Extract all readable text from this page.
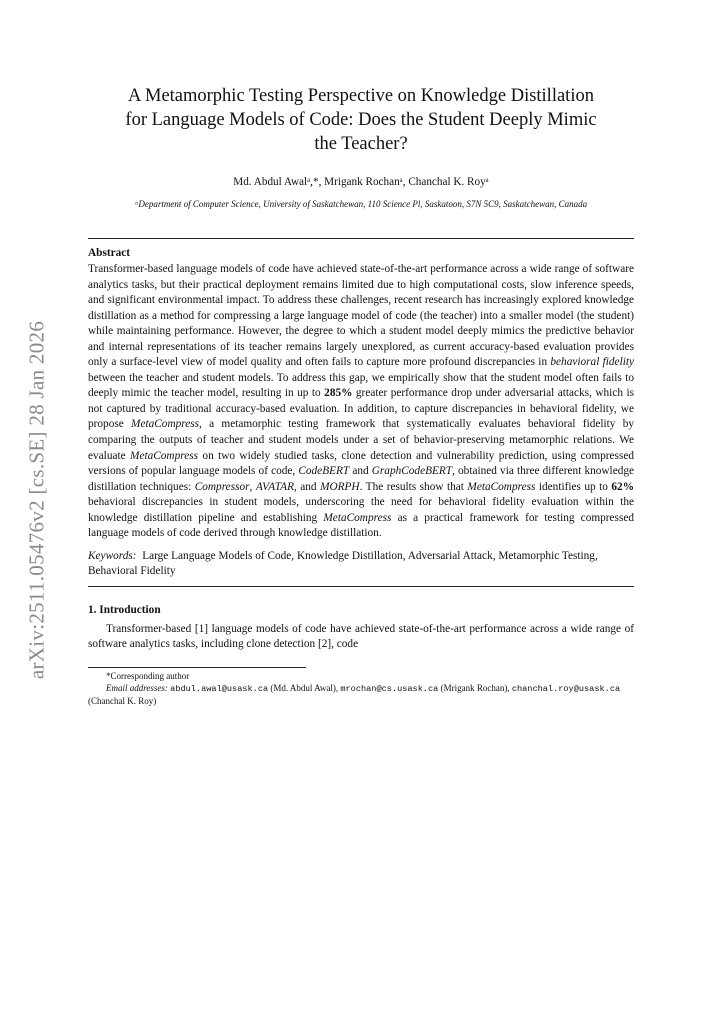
arXiv:2511.05476v2 [cs.SE] 28 Jan 2026
A Metamorphic Testing Perspective on Knowledge Distillation
for Language Models of Code: Does the Student Deeply Mimic
the Teacher?
Md. Abdul Awalᵃ,*, Mrigank Rochanᵃ, Chanchal K. Royᵃ
ᵃDepartment of Computer Science, University of Saskatchewan, 110 Science Pl, Saskatoon, S7N 5C9, Saskatchewan, Canada
Abstract
Transformer-based language models of code have achieved state-of-the-art performance across a wide range of software analytics tasks, but their practical deployment remains limited due to high computational costs, slow inference speeds, and significant environmental impact. To address these challenges, recent research has increasingly explored knowledge distillation as a method for compressing a large language model of code (the teacher) into a smaller model (the student) while maintaining performance. However, the degree to which a student model deeply mimics the predictive behavior and internal representations of its teacher remains largely unexplored, as current accuracy-based evaluation provides only a surface-level view of model quality and often fails to capture more profound discrepancies in behavioral fidelity between the teacher and student models. To address this gap, we empirically show that the student model often fails to deeply mimic the teacher model, resulting in up to 285% greater performance drop under adversarial attacks, which is not captured by traditional accuracy-based evaluation. In addition, to capture discrepancies in behavioral fidelity, we propose MetaCompress, a metamorphic testing framework that systematically evaluates behavioral fidelity by comparing the outputs of teacher and student models under a set of behavior-preserving metamorphic relations. We evaluate MetaCompress on two widely studied tasks, clone detection and vulnerability prediction, using compressed versions of popular language models of code, CodeBERT and GraphCodeBERT, obtained via three different knowledge distillation techniques: Compressor, AVATAR, and MORPH. The results show that MetaCompress identifies up to 62% behavioral discrepancies in student models, underscoring the need for behavioral fidelity evaluation within the knowledge distillation pipeline and establishing MetaCompress as a practical framework for testing compressed language models of code derived through knowledge distillation.
Keywords: Large Language Models of Code, Knowledge Distillation, Adversarial Attack, Metamorphic Testing, Behavioral Fidelity
1. Introduction
Transformer-based [1] language models of code have achieved state-of-the-art performance across a wide range of software analytics tasks, including clone detection [2], code
*Corresponding author
Email addresses: abdul.awal@usask.ca (Md. Abdul Awal), mrochan@cs.usask.ca (Mrigank Rochan), chanchal.roy@usask.ca (Chanchal K. Roy)
